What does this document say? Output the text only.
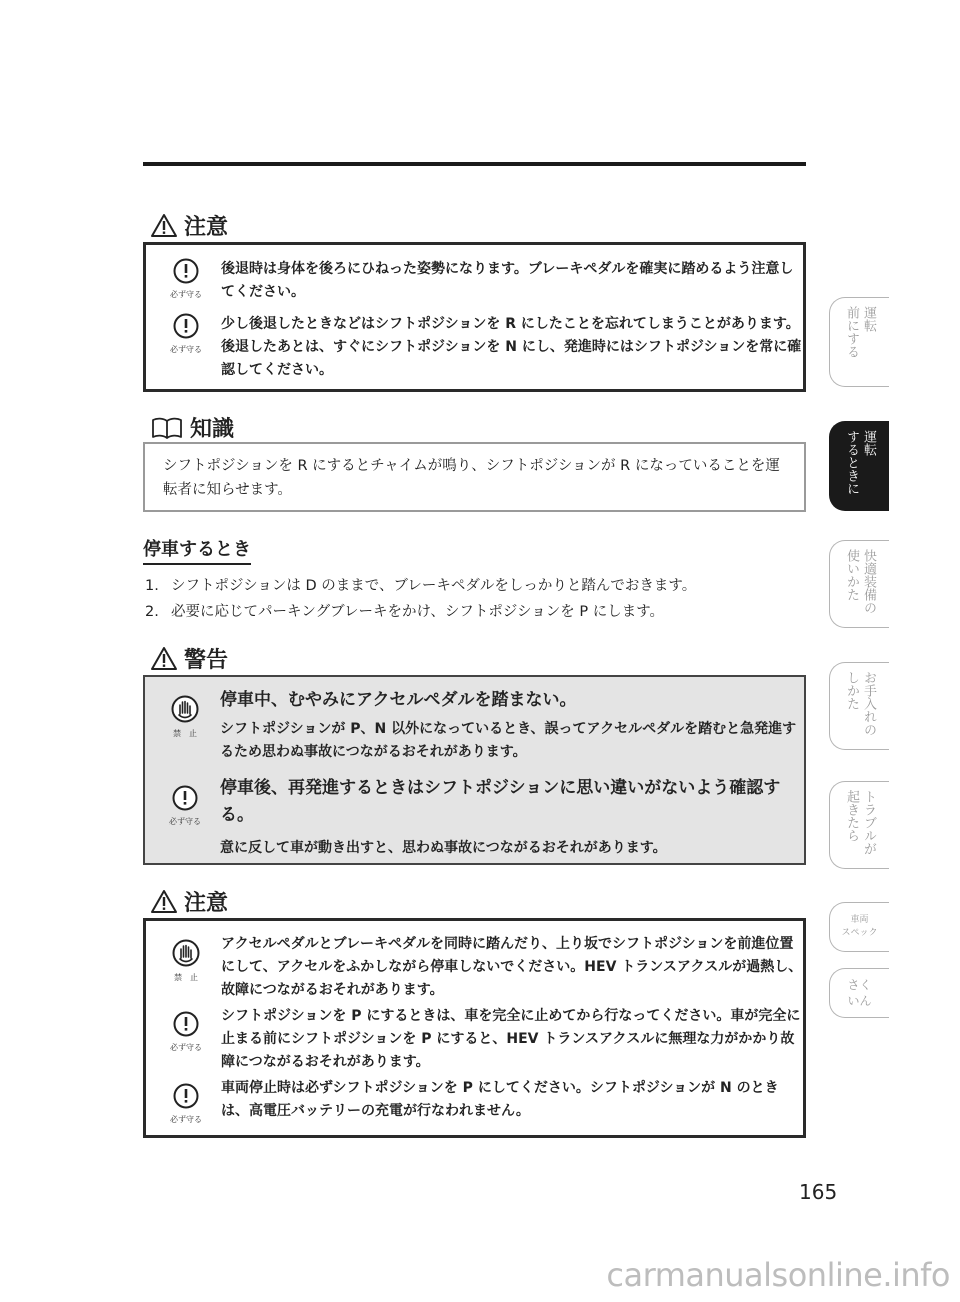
注意
必ず守る

後退時は身体を後ろにひねった姿勢になります。ブレーキペダルを確実に踏めるよう注意してください。

必ず守る

少し後退したときなどはシフトポジションを R にしたことを忘れてしまうことがあります。後退したあとは、すぐにシフトポジションを N にし、発進時にはシフトポジションを常に確認してください。

知識

シフトポジションを R にするとチャイムが鳴り、シフトポジションが R になっていることを運転者に知らせます。

停車するとき
1. シフトポジションは D のままで、ブレーキペダルをしっかりと踏んでおきます。
2. 必要に応じてパーキングブレーキをかけ、シフトポジションを P にします。
警告
禁　止

停車中、むやみにアクセルペダルを踏まない。

シフトポジションが P、N 以外になっているとき、誤ってアクセルペダルを踏むと急発進するため思わぬ事故につながるおそれがあります。

必ず守る

停車後、再発進するときはシフトポジションに思い違いがないよう確認する。

意に反して車が動き出すと、思わぬ事故につながるおそれがあります。

注意
禁　止

アクセルペダルとブレーキペダルを同時に踏んだり、上り坂でシフトポジションを前進位置にして、アクセルをふかしながら停車しないでください。HEV トランスアクスルが過熱し、故障につながるおそれがあります。

必ず守る

シフトポジションを P にするときは、車を完全に止めてから行なってください。車が完全に止まる前にシフトポジションを P にすると、HEV トランスアクスルに無理な力がかかり故障につながるおそれがあります。

必ず守る

車両停止時は必ずシフトポジションを P にしてください。シフトポジションが N のときは、高電圧バッテリーの充電が行なわれません。

運転
前にする
運転
するときに
快適装備の
使いかた
お手入れの
しかた
トラブルが
起きたら
車両
スペック
さく
いん
165
carmanualsonline.info
